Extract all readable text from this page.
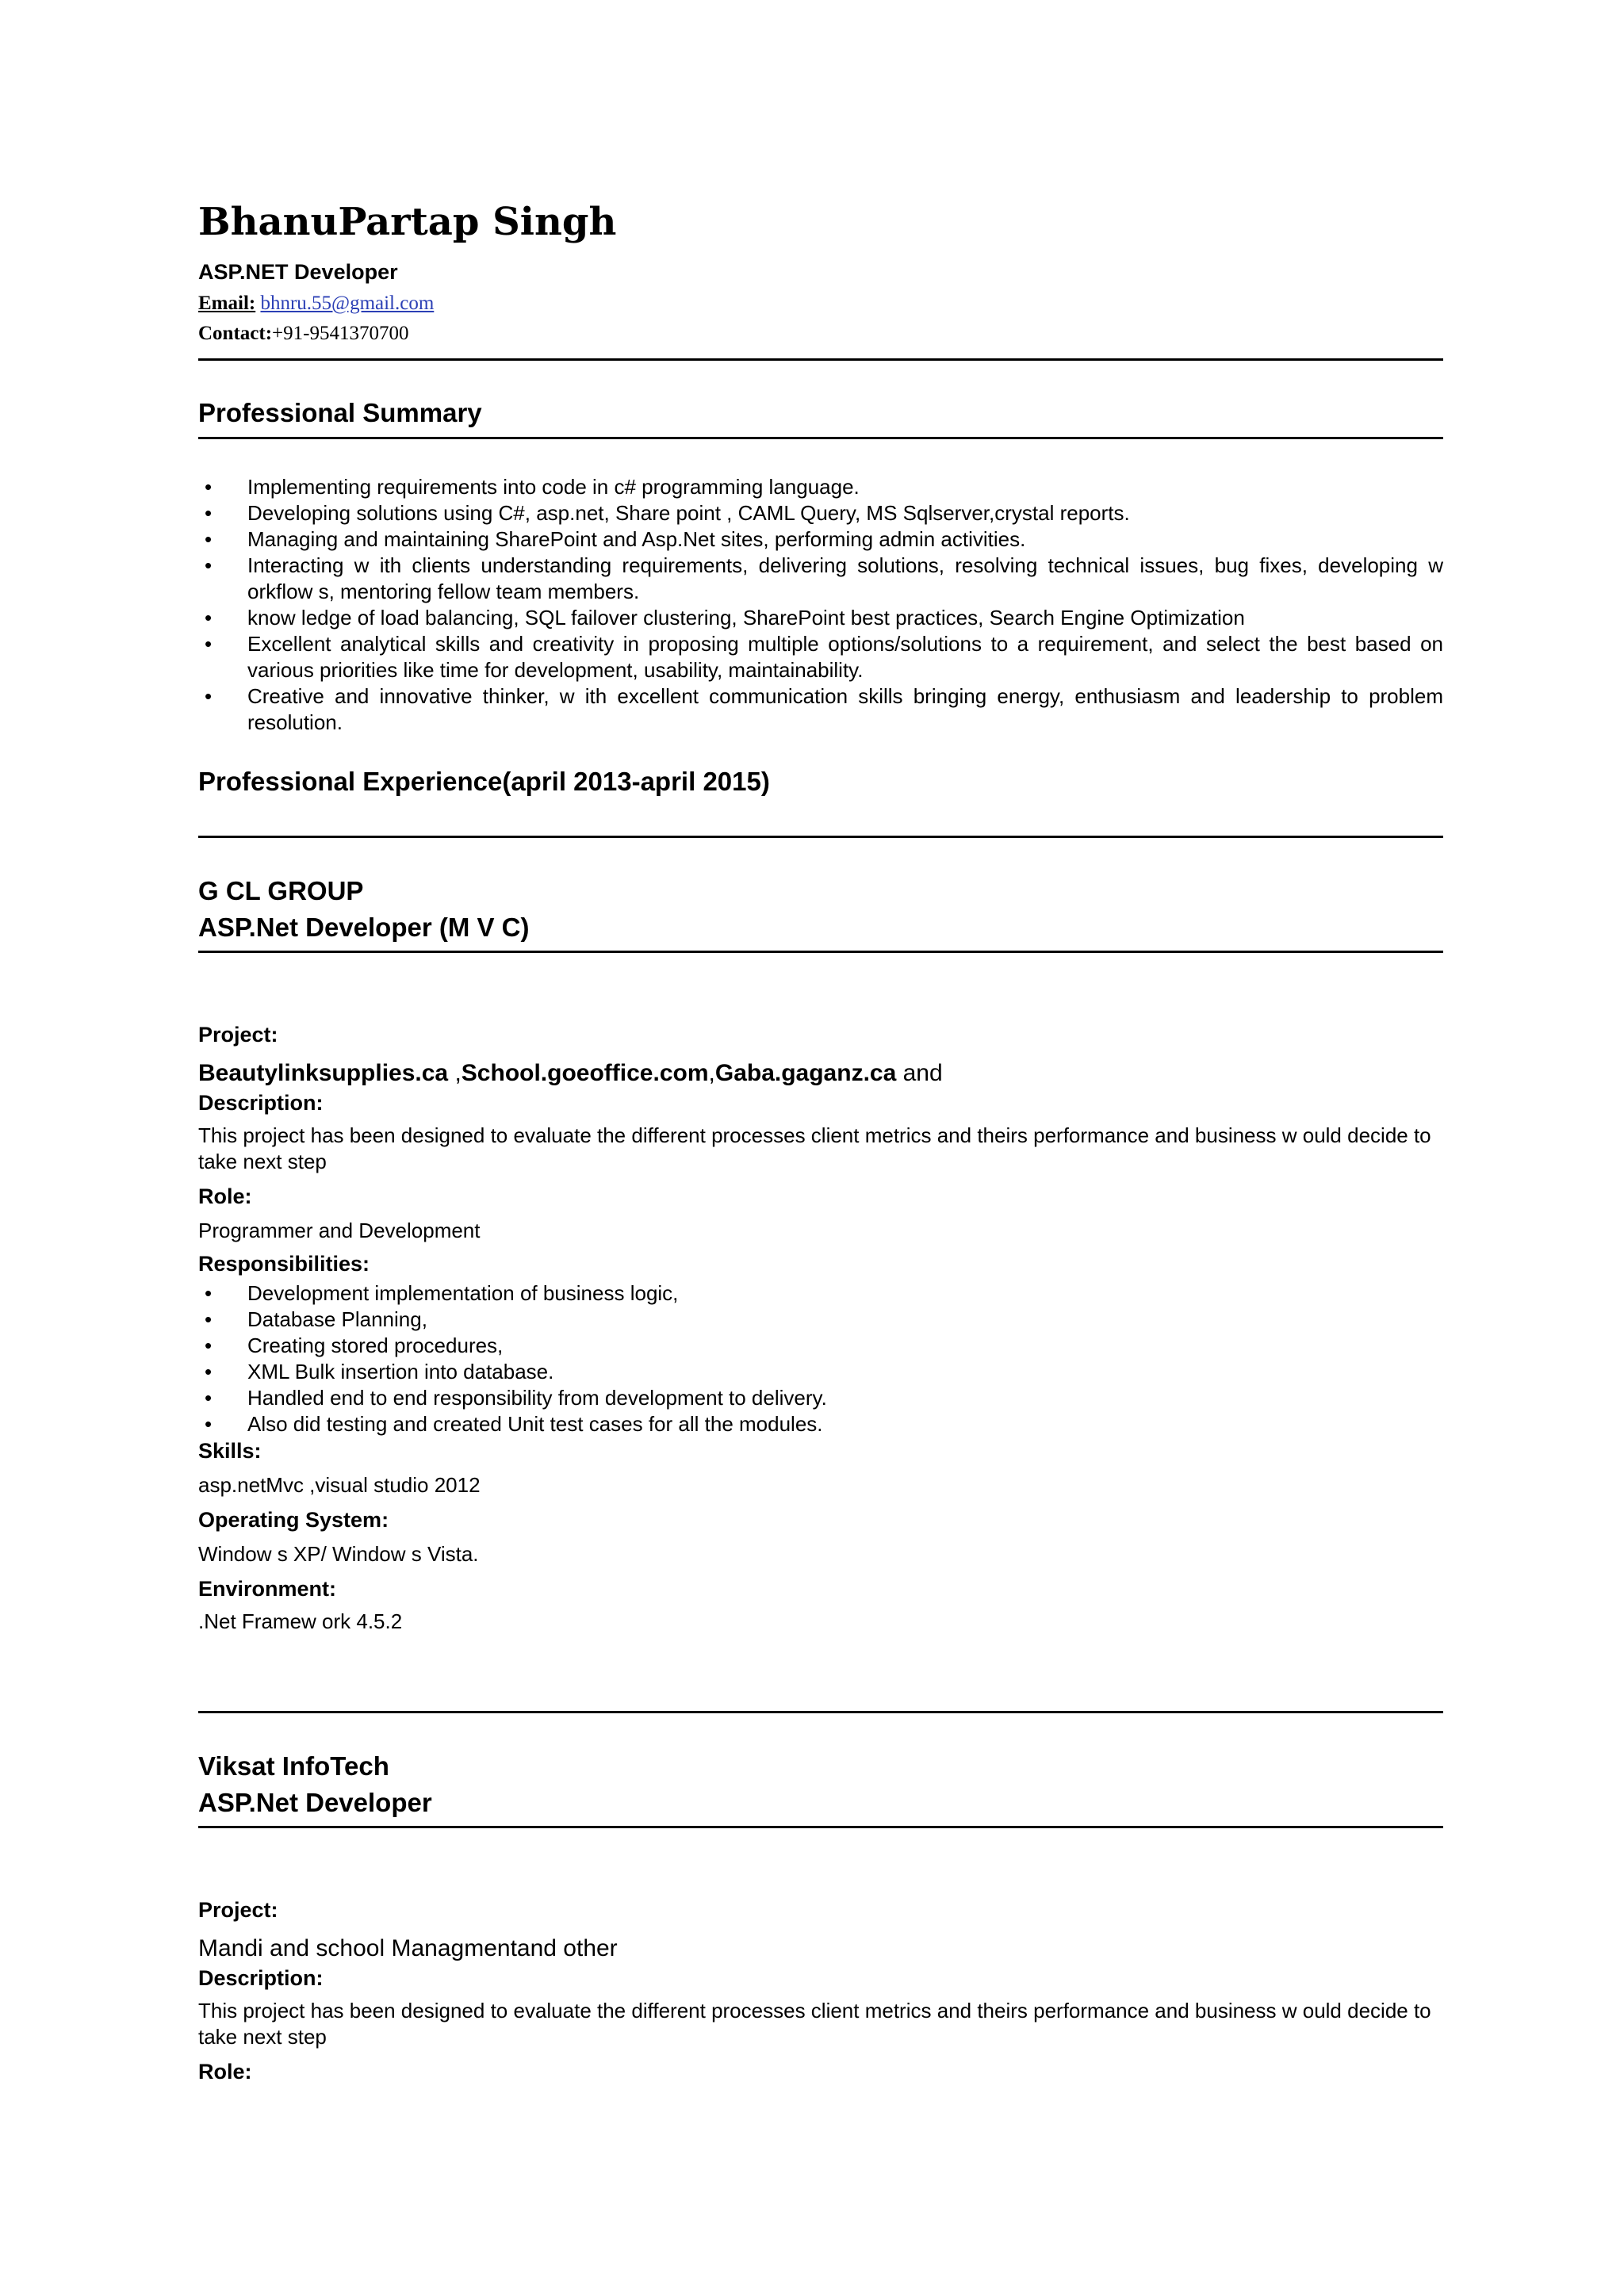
BhanuPartap Singh
ASP.NET Developer
Email: bhnru.55@gmail.com
Contact:+91-9541370700
Professional Summary
• Implementing requirements into code in c# programming language.
• Developing solutions using C#, asp.net, Share point , CAML Query, MS Sqlserver,crystal reports.
• Managing and maintaining SharePoint and Asp.Net sites, performing admin activities.
• Interacting w ith clients understanding requirements, delivering solutions, resolving technical issues, bug fixes, developing w orkflow s, mentoring fellow team members.
• know ledge of load balancing, SQL failover clustering, SharePoint best practices, Search Engine Optimization
• Excellent analytical skills and creativity in proposing multiple options/solutions to a requirement, and select the best based on various priorities like time for development, usability, maintainability.
• Creative and innovative thinker, w ith excellent communication skills bringing energy, enthusiasm and leadership to problem resolution.
Professional Experience(april 2013-april 2015)
G CL GROUP
ASP.Net Developer (M V C)
Project:
Beautylinksupplies.ca ,School.goeoffice.com,Gaba.gaganz.ca and
Description:
This project has been designed to evaluate the different processes client metrics and theirs performance and business w ould decide to take next step
Role:
Programmer and Development
Responsibilities:
• Development implementation of business logic,
• Database Planning,
• Creating stored procedures,
• XML Bulk insertion into database.
• Handled end to end responsibility from development to delivery.
• Also did testing and created Unit test cases for all the modules.
Skills:
asp.netMvc ,visual studio 2012
Operating System:
Window s XP/ Window s Vista.
Environment:
.Net Framew ork 4.5.2
Viksat InfoTech
ASP.Net Developer
Project:
Mandi and school Managmentand other
Description:
This project has been designed to evaluate the different processes client metrics and theirs performance and business w ould decide to take next step
Role:
